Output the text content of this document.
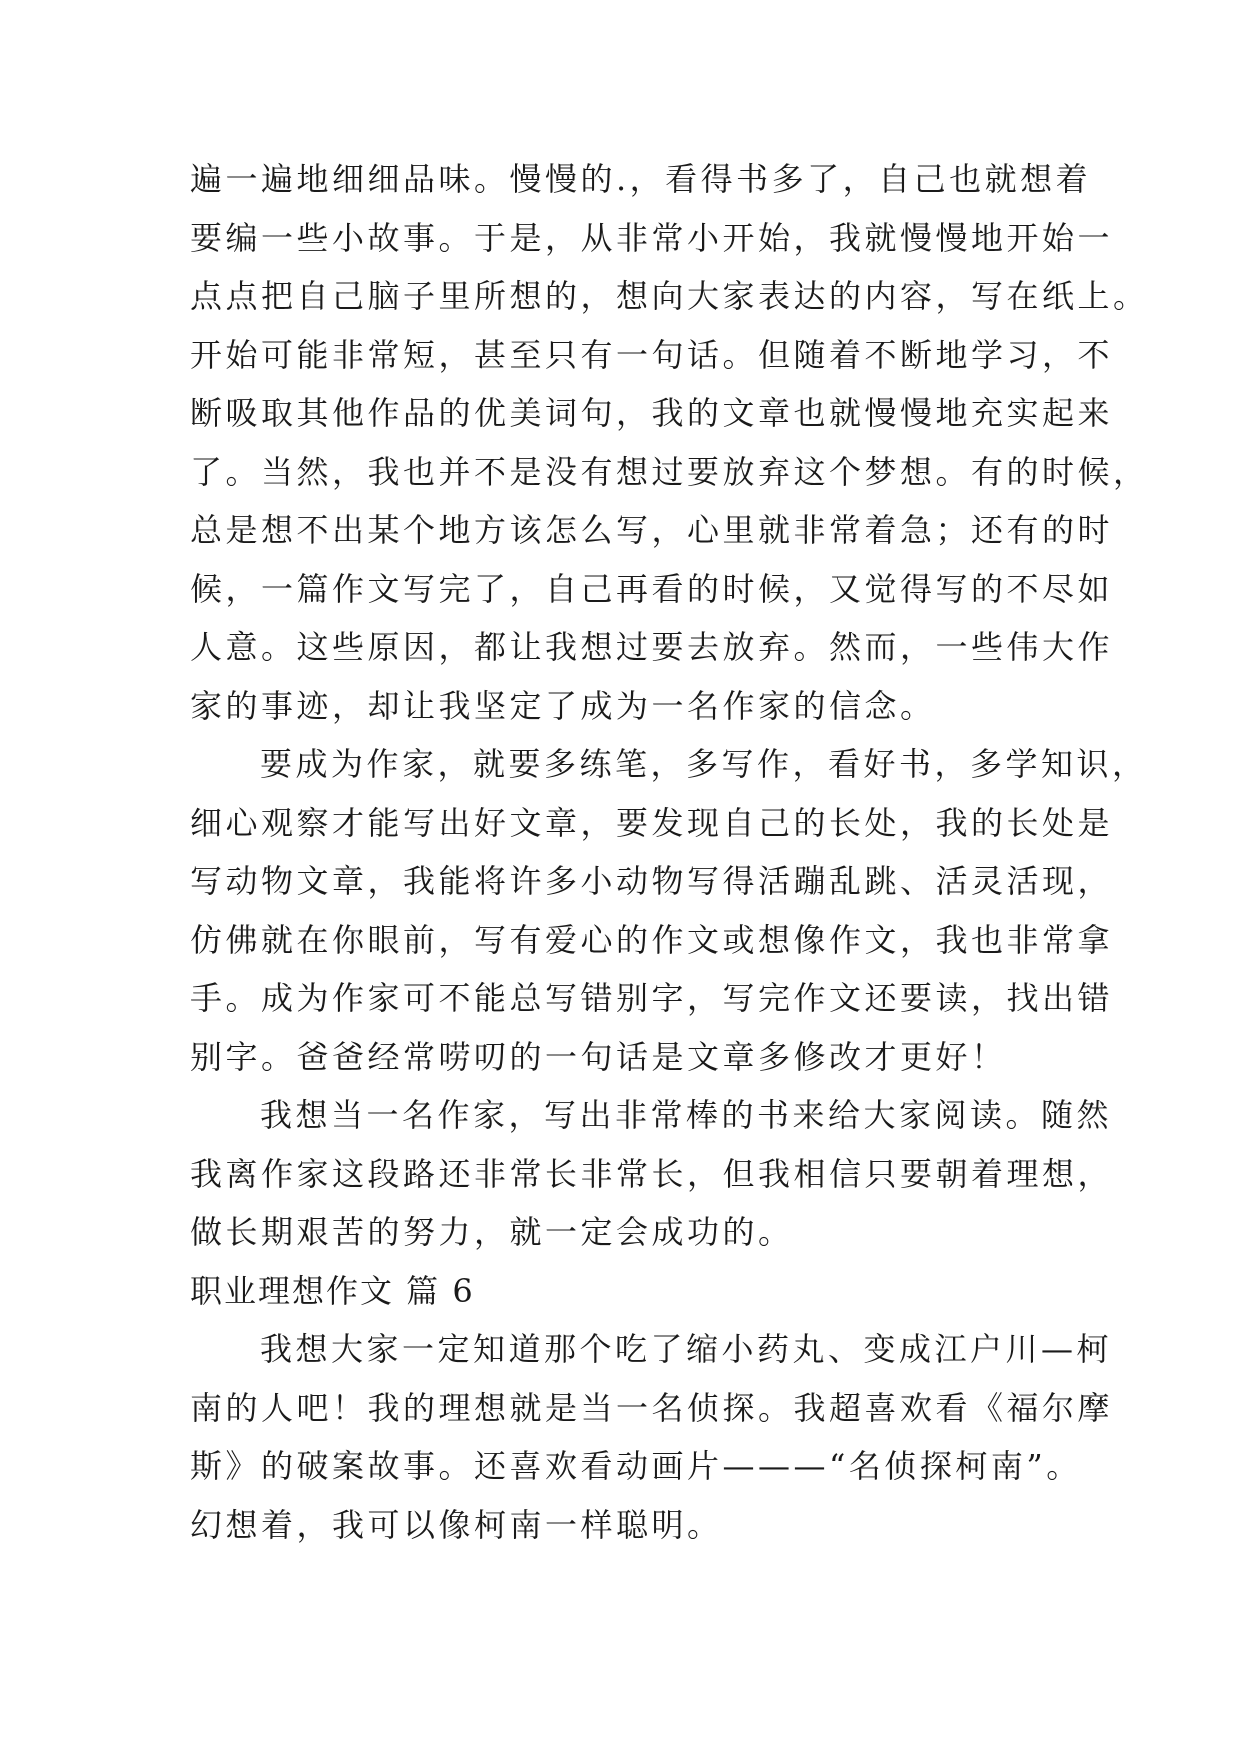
遍一遍地细细品味。慢慢的.，看得书多了，自己也就想着
要编一些小故事。于是，从非常小开始，我就慢慢地开始一
点点把自己脑子里所想的，想向大家表达的内容，写在纸上。
开始可能非常短，甚至只有一句话。但随着不断地学习，不
断吸取其他作品的优美词句，我的文章也就慢慢地充实起来
了。当然，我也并不是没有想过要放弃这个梦想。有的时候，
总是想不出某个地方该怎么写，心里就非常着急；还有的时
候，一篇作文写完了，自己再看的时候，又觉得写的不尽如
人意。这些原因，都让我想过要去放弃。然而，一些伟大作
家的事迹，却让我坚定了成为一名作家的信念。
要成为作家，就要多练笔，多写作，看好书，多学知识，
细心观察才能写出好文章，要发现自己的长处，我的长处是
写动物文章，我能将许多小动物写得活蹦乱跳、活灵活现，
仿佛就在你眼前，写有爱心的作文或想像作文，我也非常拿
手。成为作家可不能总写错别字，写完作文还要读，找出错
别字。爸爸经常唠叨的一句话是文章多修改才更好！
我想当一名作家，写出非常棒的书来给大家阅读。随然
我离作家这段路还非常长非常长，但我相信只要朝着理想，
做长期艰苦的努力，就一定会成功的。
职业理想作文 篇 6
我想大家一定知道那个吃了缩小药丸、变成江户川—柯
南的人吧！我的理想就是当一名侦探。我超喜欢看《福尔摩
斯》的破案故事。还喜欢看动画片———“名侦探柯南”。
幻想着，我可以像柯南一样聪明。
